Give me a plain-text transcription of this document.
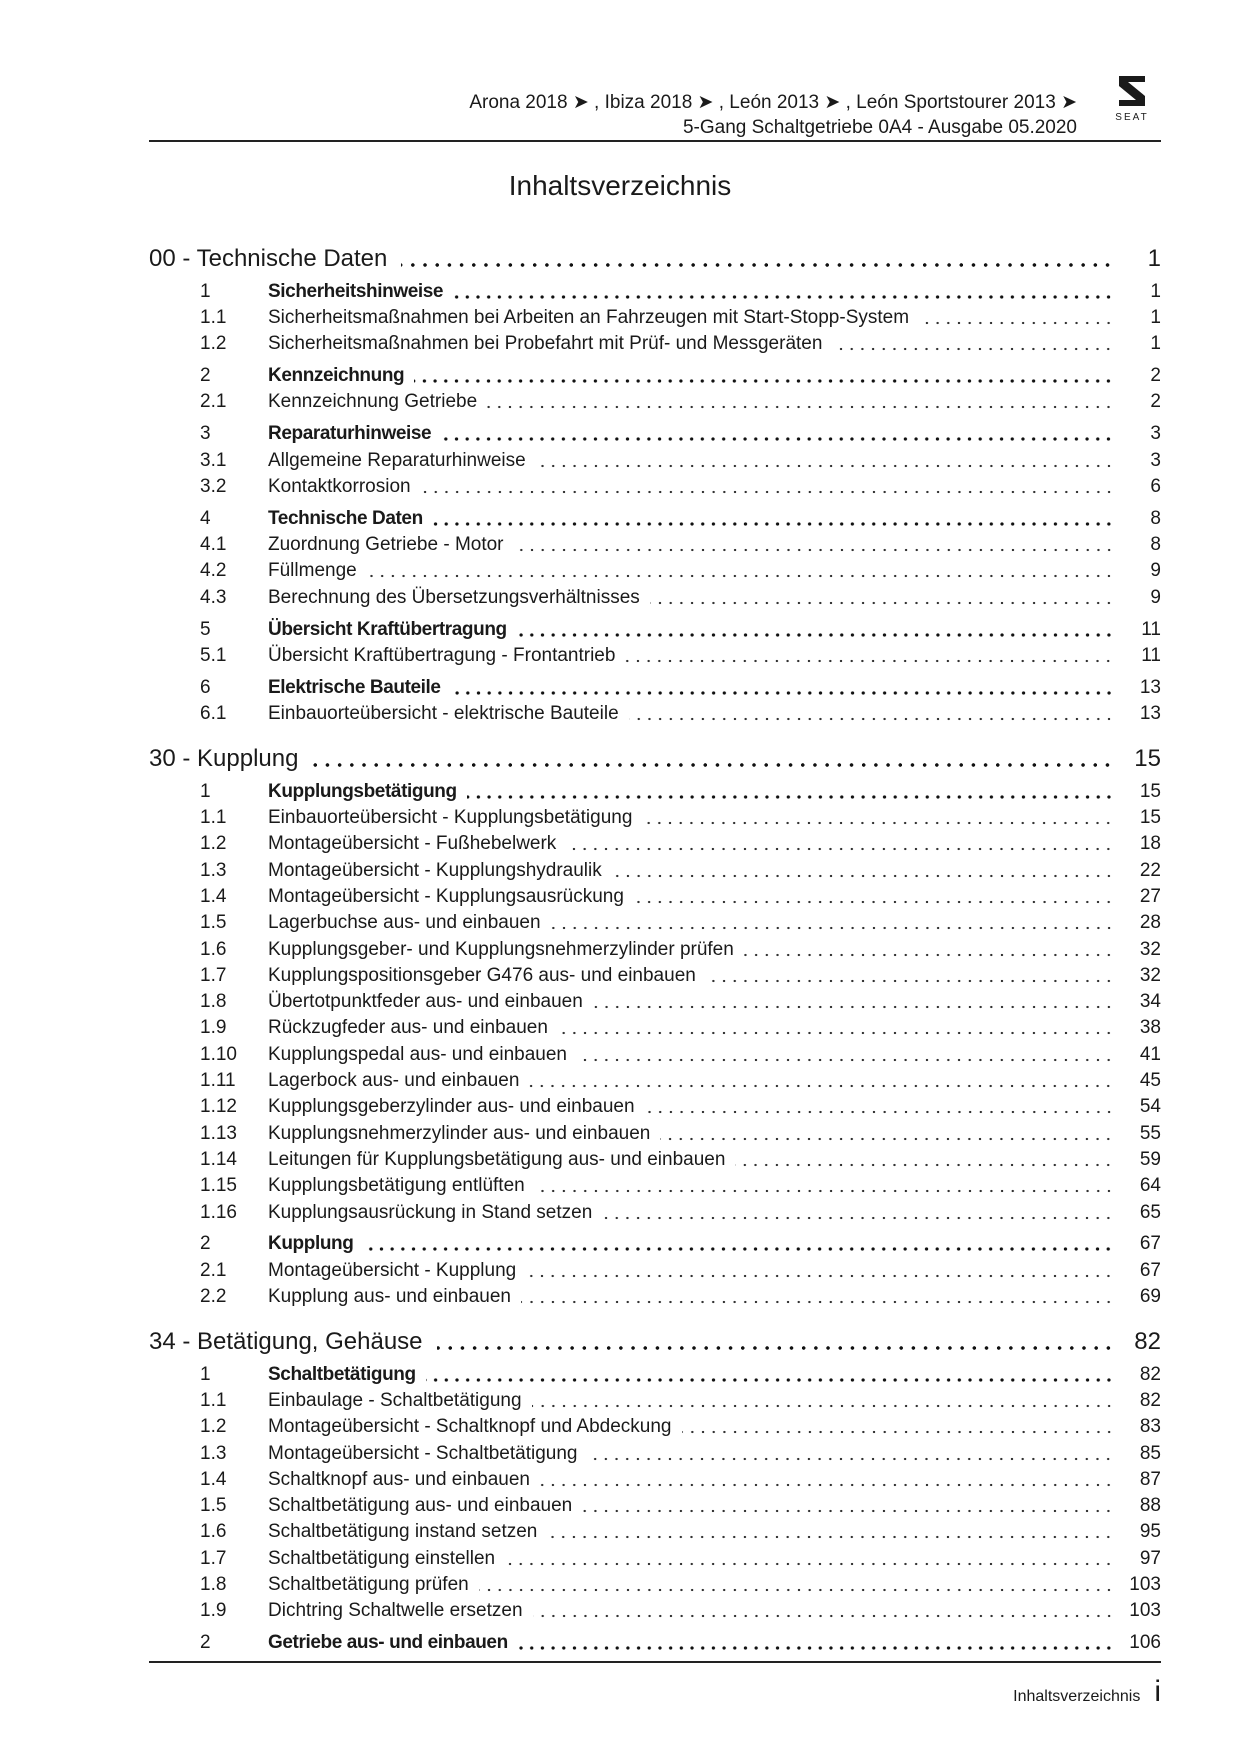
Arona 2018 ➤ , Ibiza 2018 ➤ , León 2013 ➤ , León Sportstourer 2013 ➤
5-Gang Schaltgetriebe 0A4 - Ausgabe 05.2020	SEAT
Inhaltsverzeichnis
00 - Technische Daten	1
1	Sicherheitshinweise	1
1.1	Sicherheitsmaßnahmen bei Arbeiten an Fahrzeugen mit Start-Stopp-System	1
1.2	Sicherheitsmaßnahmen bei Probefahrt mit Prüf- und Messgeräten	1
2	Kennzeichnung	2
2.1	Kennzeichnung Getriebe	2
3	Reparaturhinweise	3
3.1	Allgemeine Reparaturhinweise	3
3.2	Kontaktkorrosion	6
4	Technische Daten	8
4.1	Zuordnung Getriebe - Motor	8
4.2	Füllmenge	9
4.3	Berechnung des Übersetzungsverhältnisses	9
5	Übersicht Kraftübertragung	11
5.1	Übersicht Kraftübertragung - Frontantrieb	11
6	Elektrische Bauteile	13
6.1	Einbauorteübersicht - elektrische Bauteile	13
30 - Kupplung	15
1	Kupplungsbetätigung	15
1.1	Einbauorteübersicht - Kupplungsbetätigung	15
1.2	Montageübersicht - Fußhebelwerk	18
1.3	Montageübersicht - Kupplungshydraulik	22
1.4	Montageübersicht - Kupplungsausrückung	27
1.5	Lagerbuchse aus- und einbauen	28
1.6	Kupplungsgeber- und Kupplungsnehmerzylinder prüfen	32
1.7	Kupplungspositionsgeber G476 aus- und einbauen	32
1.8	Übertotpunktfeder aus- und einbauen	34
1.9	Rückzugfeder aus- und einbauen	38
1.10	Kupplungspedal aus- und einbauen	41
1.11	Lagerbock aus- und einbauen	45
1.12	Kupplungsgeberzylinder aus- und einbauen	54
1.13	Kupplungsnehmerzylinder aus- und einbauen	55
1.14	Leitungen für Kupplungsbetätigung aus- und einbauen	59
1.15	Kupplungsbetätigung entlüften	64
1.16	Kupplungsausrückung in Stand setzen	65
2	Kupplung	67
2.1	Montageübersicht - Kupplung	67
2.2	Kupplung aus- und einbauen	69
34 - Betätigung, Gehäuse	82
1	Schaltbetätigung	82
1.1	Einbaulage - Schaltbetätigung	82
1.2	Montageübersicht - Schaltknopf und Abdeckung	83
1.3	Montageübersicht - Schaltbetätigung	85
1.4	Schaltknopf aus- und einbauen	87
1.5	Schaltbetätigung aus- und einbauen	88
1.6	Schaltbetätigung instand setzen	95
1.7	Schaltbetätigung einstellen	97
1.8	Schaltbetätigung prüfen	103
1.9	Dichtring Schaltwelle ersetzen	103
2	Getriebe aus- und einbauen	106
Inhaltsverzeichnis i
